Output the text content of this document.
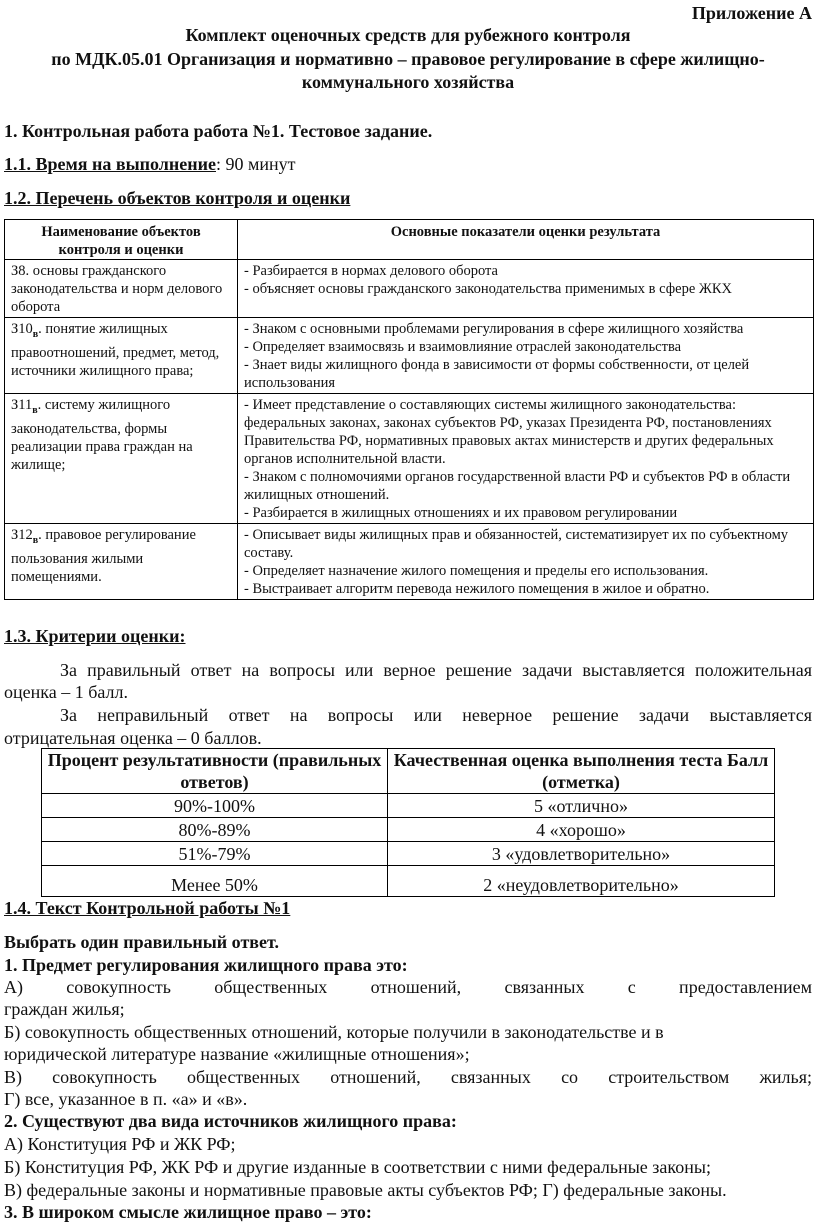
Приложение А
Комплект оценочных средств для рубежного контроля
по МДК.05.01 Организация и нормативно – правовое регулирование в сфере жилищно-
коммунального хозяйства
1. Контрольная работа работа №1. Тестовое задание.
1.1. Время на выполнение: 90 минут
1.2. Перечень объектов контроля и оценки
Наименование объектов контроля и оценки	Основные показатели оценки результата
З8. основы гражданского законодательства и норм делового оборота	- Разбирается в нормах делового оборота
- объясняет основы гражданского законодательства применимых в сфере ЖКХ

$З10_в$. понятие жилищных правоотношений, предмет, метод, источники жилищного права;	- Знаком с основными проблемами регулирования в сфере жилищного хозяйства
- Определяет взаимосвязь и взаимовлияние отраслей законодательства
- Знает виды жилищного фонда в зависимости от формы собственности, от целей использования

$З11_в$. систему жилищного законодательства, формы реализации права граждан на жилище;	- Имеет представление о составляющих системы жилищного законодательства: федеральных законах, законах субъектов РФ, указах Президента РФ, постановлениях Правительства РФ, нормативных правовых актах министерств и других федеральных органов исполнительной власти.
- Знаком с полномочиями органов государственной власти РФ и субъектов РФ в области жилищных отношений.
- Разбирается в жилищных отношениях и их правовом регулировании

$З12_в$. правовое регулирование пользования жилыми помещениями.	- Описывает виды жилищных прав и обязанностей, систематизирует их по субъектному составу.
- Определяет назначение жилого помещения и пределы его использования.
- Выстраивает алгоритм перевода нежилого помещения в жилое и обратно.
1.3. Критерии оценки:
За правильный ответ на вопросы или верное решение задачи выставляется положительная
оценка – 1 балл.
За неправильный ответ на вопросы или неверное решение задачи выставляется
отрицательная оценка – 0 баллов.
Процент результативности (правильных ответов)	Качественная оценка выполнения теста Балл (отметка)
90%-100%	5 «отлично»
80%-89%	4 «хорошо»
51%-79%	3 «удовлетворительно»
Менее 50%	2 «неудовлетворительно»
1.4. Текст Контрольной работы №1
Выбрать один правильный ответ.
1. Предмет регулирования жилищного права это:
А) совокупность общественных отношений, связанных с предоставлением
граждан жилья;
Б) совокупность общественных отношений, которые получили в законодательстве и в
юридической литературе название «жилищные отношения»;
В) совокупность общественных отношений, связанных со строительством жилья;
Г) все, указанное в п. «а» и «в».
2. Существуют два вида источников жилищного права:
А) Конституция РФ и ЖК РФ;
Б) Конституция РФ, ЖК РФ и другие изданные в соответствии с ними федеральные законы;
В) федеральные законы и нормативные правовые акты субъектов РФ; Г) федеральные законы.
3. В широком смысле жилищное право – это:
